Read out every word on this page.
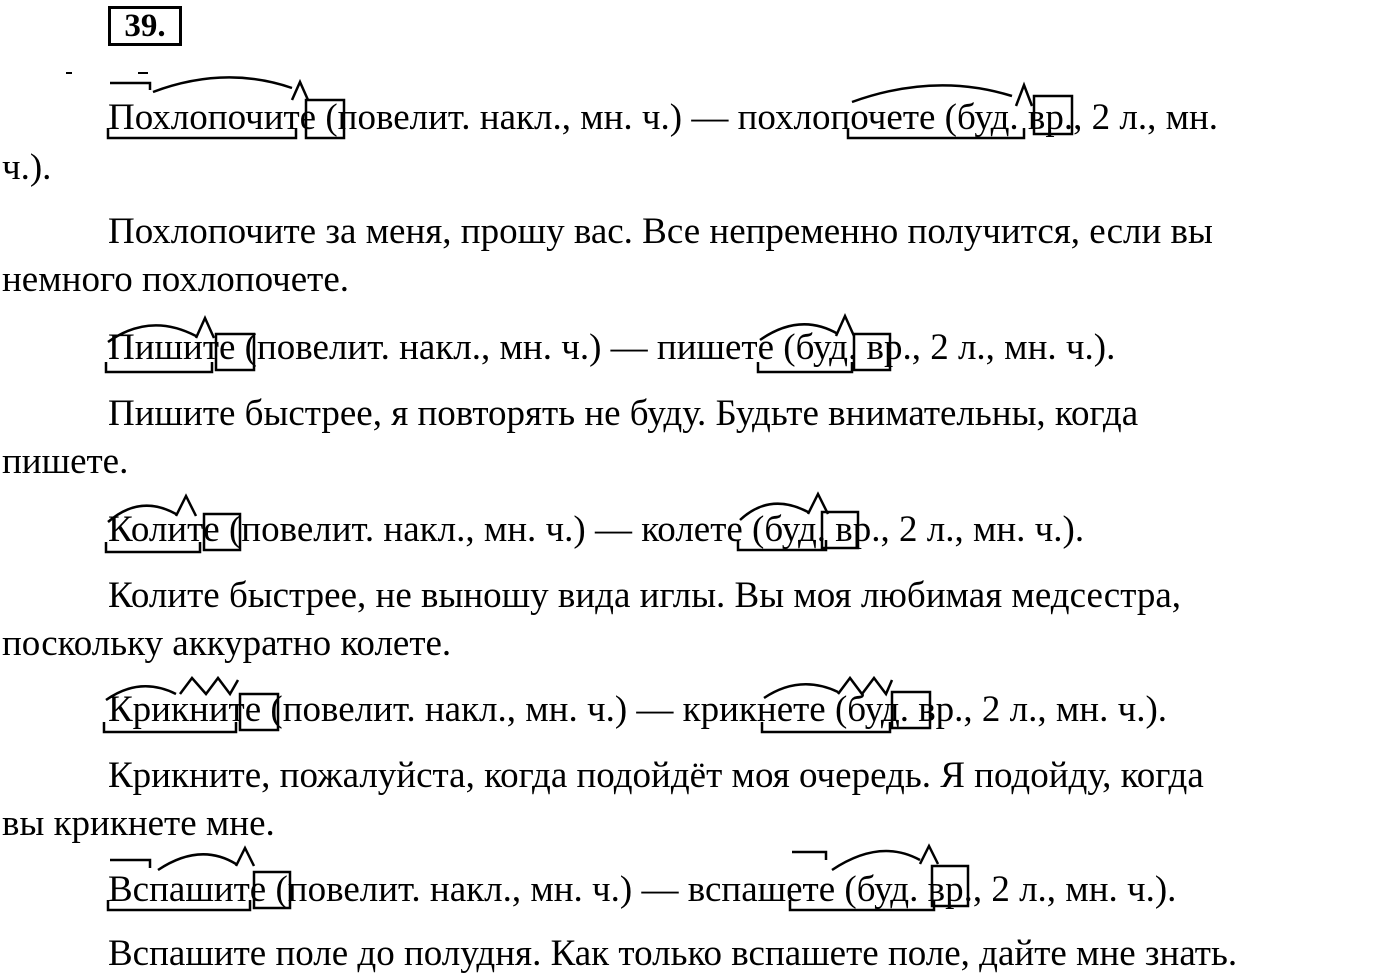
39.
Похлопочите (повелит. накл., мн. ч.) — похлопочете (буд. вр., 2 л., мн.
ч.).
Похлопочите за меня, прошу вас. Все непременно получится, если вы
немного похлопочете.
Пишите (повелит. накл., мн. ч.) — пишете (буд. вр., 2 л., мн. ч.).
Пишите быстрее, я повторять не буду. Будьте внимательны, когда
пишете.
Колите (повелит. накл., мн. ч.) — колете (буд. вр., 2 л., мн. ч.).
Колите быстрее, не выношу вида иглы. Вы моя любимая медсестра,
поскольку аккуратно колете.
Крикните (повелит. накл., мн. ч.) — крикнете (буд. вр., 2 л., мн. ч.).
Крикните, пожалуйста, когда подойдёт моя очередь. Я подойду, когда
вы крикнете мне.
Вспашите (повелит. накл., мн. ч.) — вспашете (буд. вр., 2 л., мн. ч.).
Вспашите поле до полудня. Как только вспашете поле, дайте мне знать.
